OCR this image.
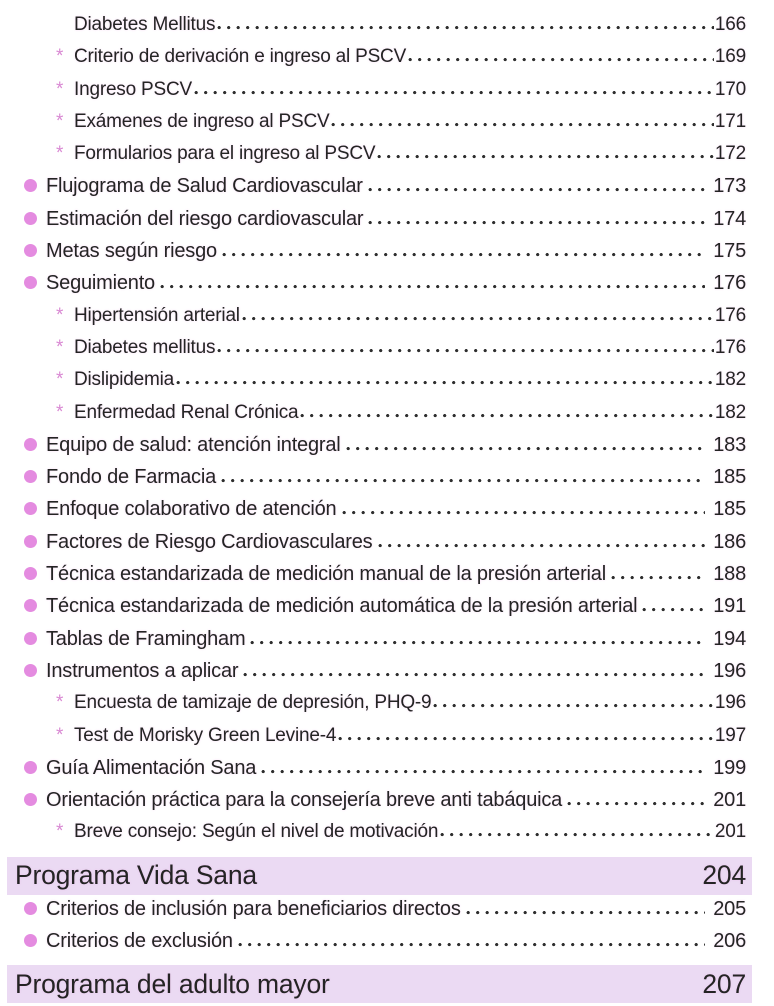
Diabetes Mellitus	166
* Criterio de derivación e ingreso al PSCV	169
* Ingreso PSCV	170
* Exámenes de ingreso al PSCV	171
* Formularios para el ingreso al PSCV	172
Flujograma de Salud Cardiovascular	173
Estimación del riesgo cardiovascular	174
Metas según riesgo	175
Seguimiento	176
* Hipertensión arterial	176
* Diabetes mellitus	176
* Dislipidemia	182
* Enfermedad Renal Crónica	182
Equipo de salud: atención integral	183
Fondo de Farmacia	185
Enfoque colaborativo de atención	185
Factores de Riesgo Cardiovasculares	186
Técnica estandarizada de medición manual de la presión arterial	188
Técnica estandarizada de medición automática de la presión arterial	191
Tablas de Framingham	194
Instrumentos a aplicar	196
* Encuesta de tamizaje de depresión, PHQ-9	196
* Test de Morisky Green Levine-4	197
Guía Alimentación Sana	199
Orientación práctica para la consejería breve anti tabáquica	201
* Breve consejo: Según el nivel de motivación	201
Programa Vida Sana	204
Criterios de inclusión para beneficiarios directos	205
Criterios de exclusión	206
Programa del adulto mayor	207
